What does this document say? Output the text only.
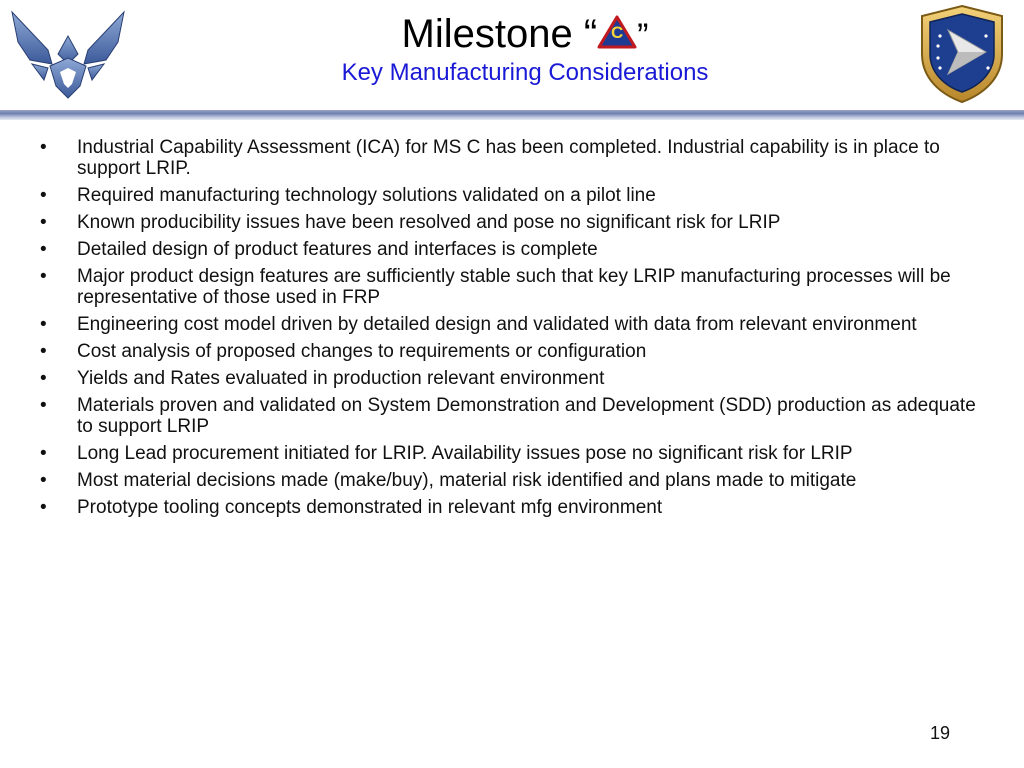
Milestone “ C ”
Key Manufacturing Considerations
• Industrial Capability Assessment (ICA) for MS C has been completed. Industrial capability is in place to support LRIP.
• Required manufacturing technology solutions validated on a pilot line
• Known producibility issues have been resolved and pose no significant risk for LRIP
• Detailed design of product features and interfaces is complete
• Major product design features are sufficiently stable such that key LRIP manufacturing processes will be representative of those used in FRP
• Engineering cost model driven by detailed design and validated with data from relevant environment
• Cost analysis of proposed changes to requirements or configuration
• Yields and Rates evaluated in production relevant environment
• Materials proven and validated on System Demonstration and Development (SDD) production as adequate to support LRIP
• Long Lead procurement initiated for LRIP. Availability issues pose no significant risk for LRIP
• Most material decisions made (make/buy), material risk identified and plans made to mitigate
• Prototype tooling concepts demonstrated in relevant mfg environment
19
